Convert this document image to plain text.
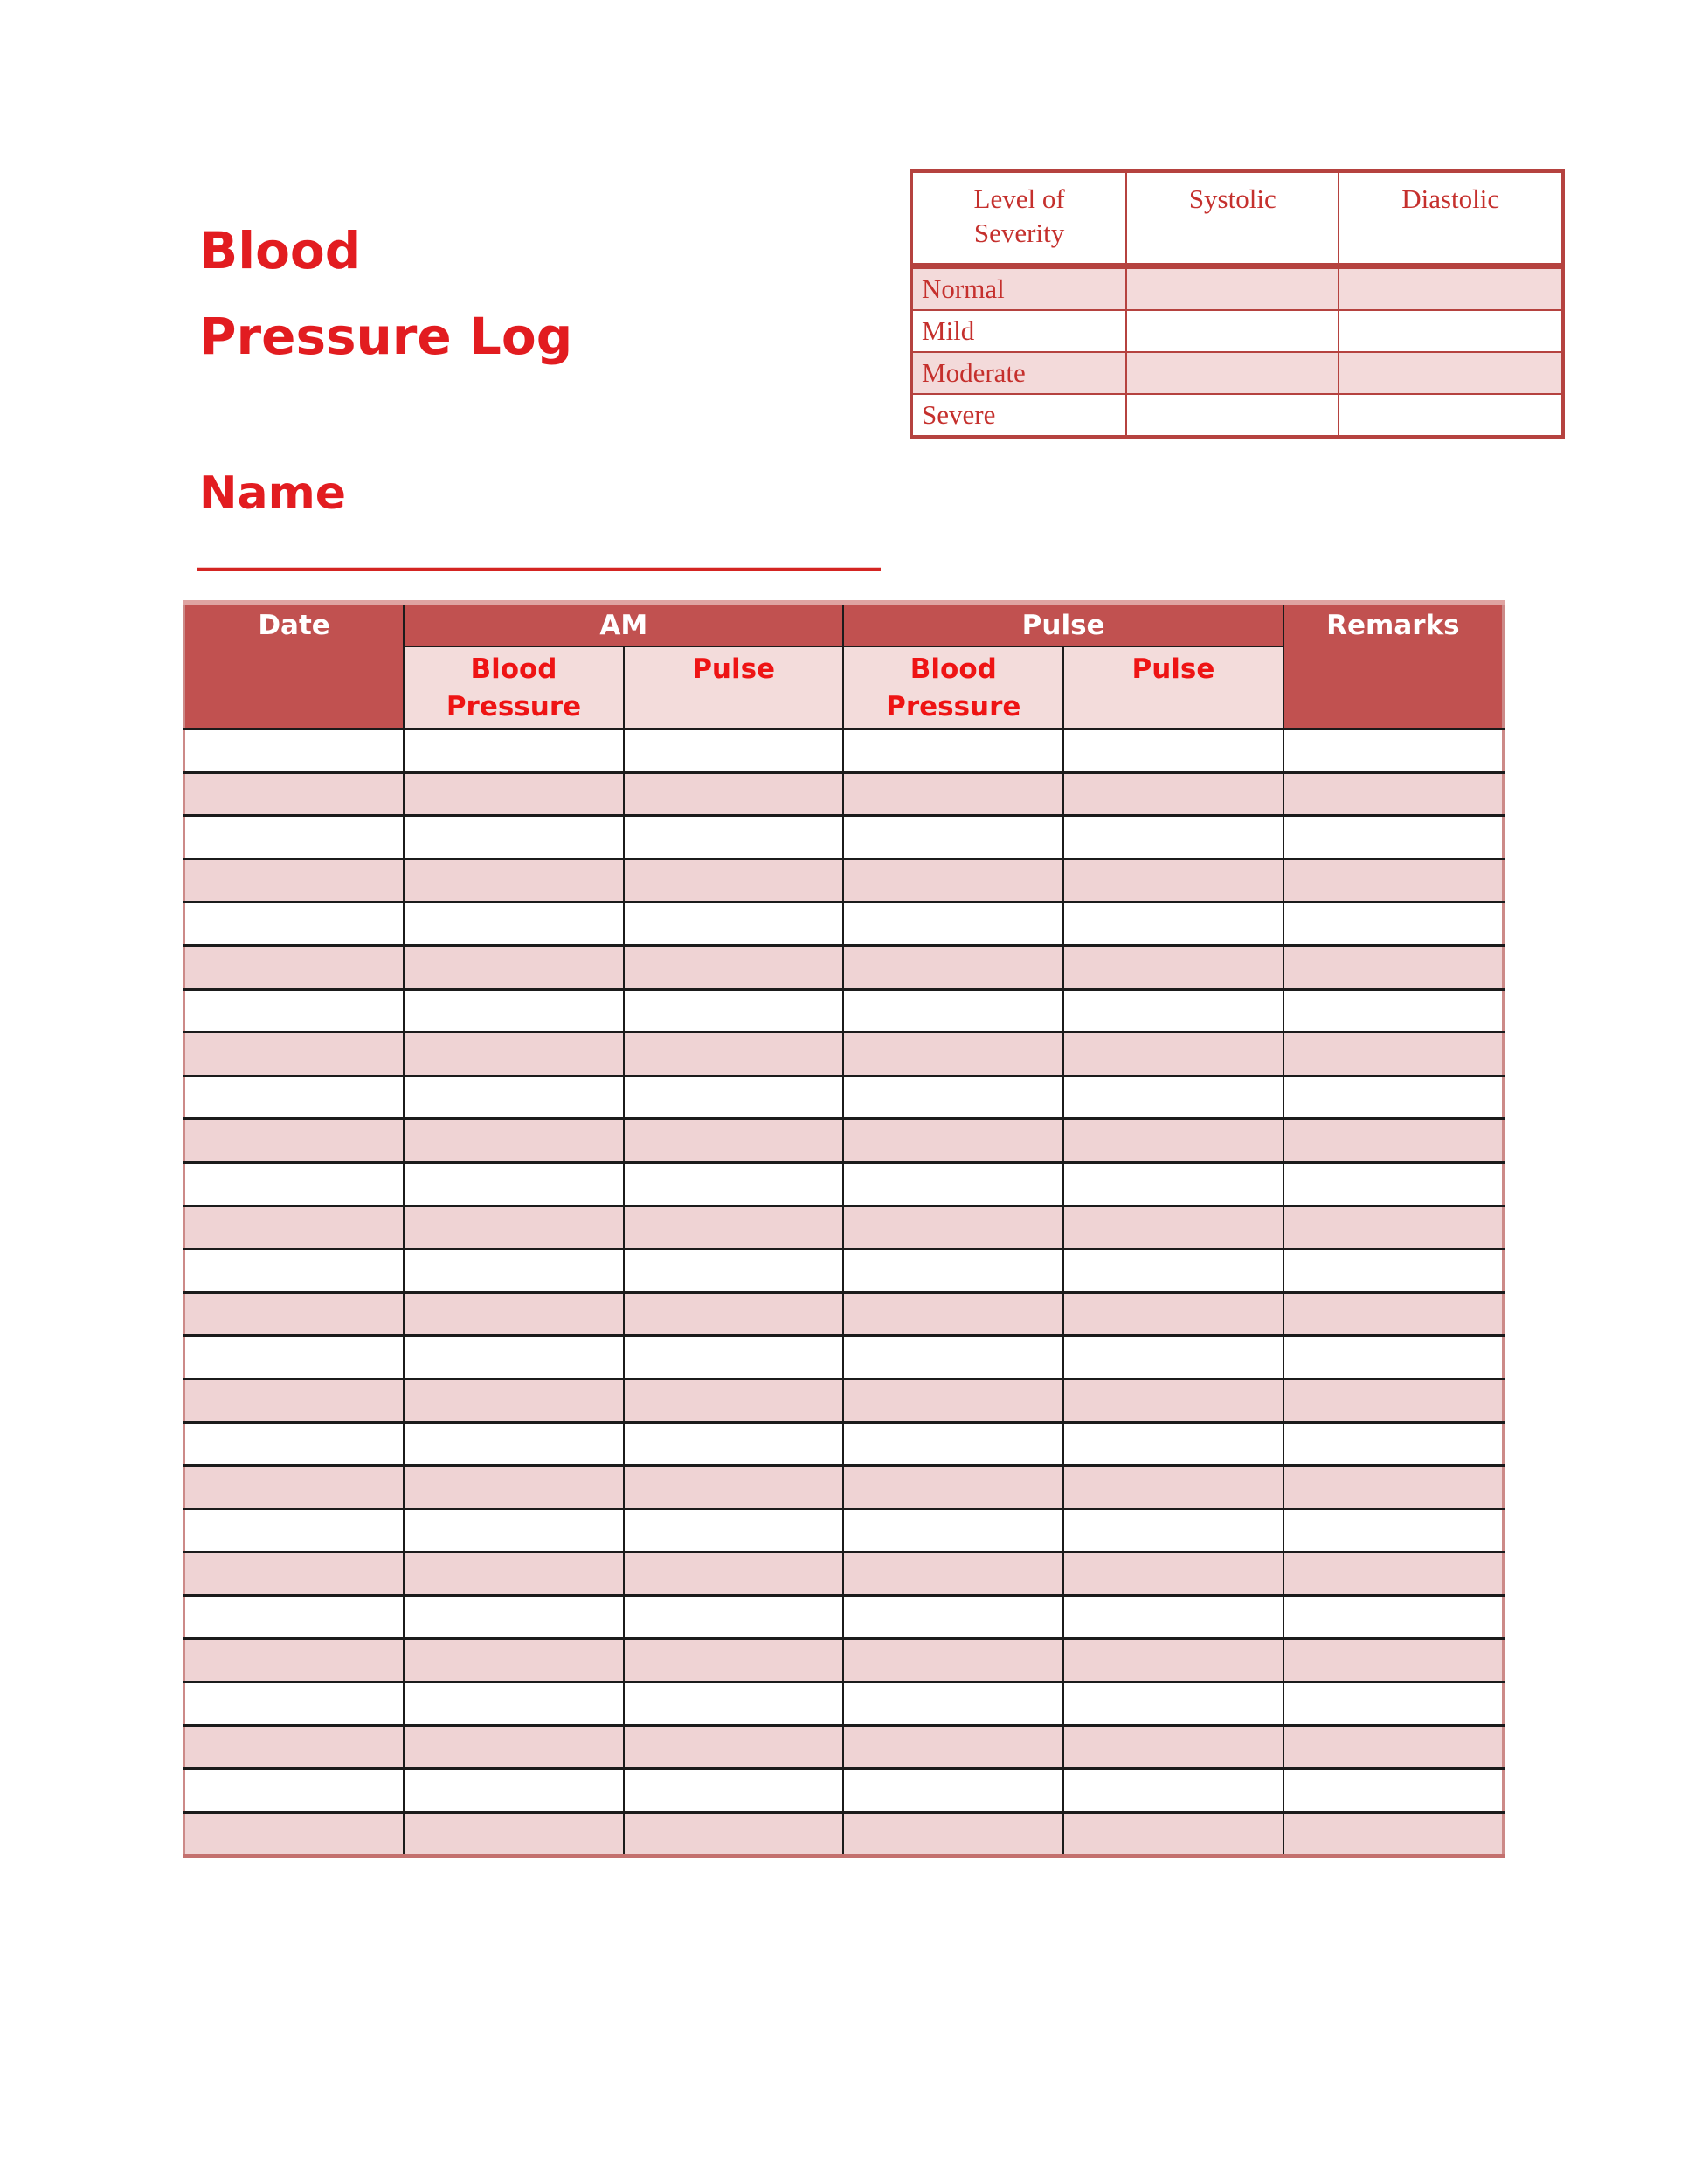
Blood
Pressure Log
Name
__________________________________
Level of Severity	Systolic	Diastolic
Normal		
Mild		
Moderate		
Severe		
Date	AM		Pulse		Remarks
	Blood Pressure	Pulse	Blood Pressure	Pulse	
